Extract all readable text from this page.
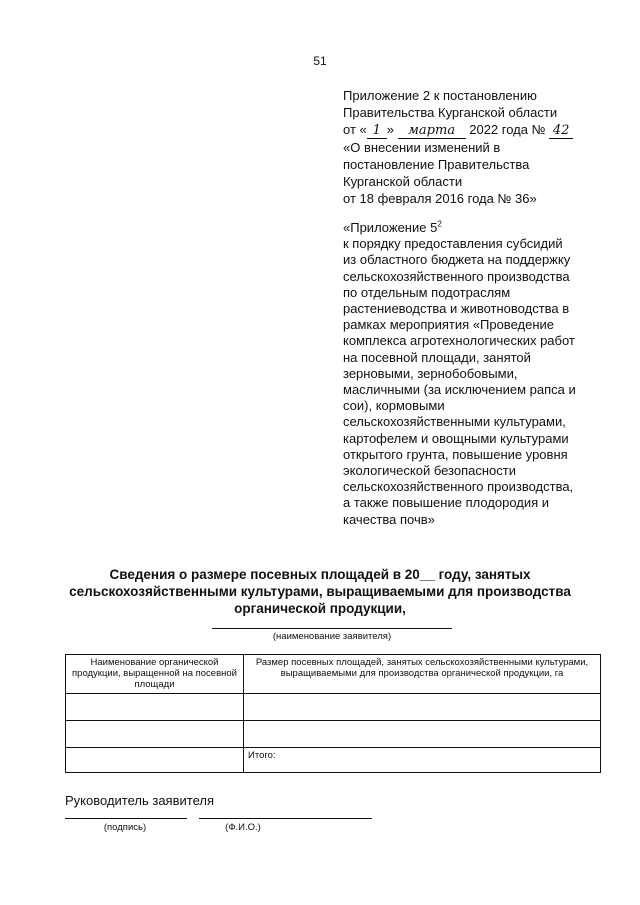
51
Приложение 2 к постановлению
Правительства Курганской области
от « 1 » марта 2022 года № 42
«О внесении изменений в
постановление Правительства
Курганской области
от 18 февраля 2016 года № 36»
«Приложение $5^2$
к порядку предоставления субсидий
из областного бюджета на поддержку
сельскохозяйственного производства
по отдельным подотраслям
растениеводства и животноводства в
рамках мероприятия «Проведение
комплекса агротехнологических работ
на посевной площади, занятой
зерновыми, зернобобовыми,
масличными (за исключением рапса и
сои), кормовыми
сельскохозяйственными культурами,
картофелем и овощными культурами
открытого грунта, повышение уровня
экологической безопасности
сельскохозяйственного производства,
а также повышение плодородия и
качества почв»
Сведения о размере посевных площадей в 20__ году, занятых
сельскохозяйственными культурами, выращиваемыми для производства
органической продукции,
(наименование заявителя)
Наименование органической продукции, выращенной на посевной площади	Размер посевных площадей, занятых сельскохозяйственными культурами, выращиваемыми для производства органической продукции, га

	Итого:
Руководитель заявителя
(подпись)	(Ф.И.О.)
